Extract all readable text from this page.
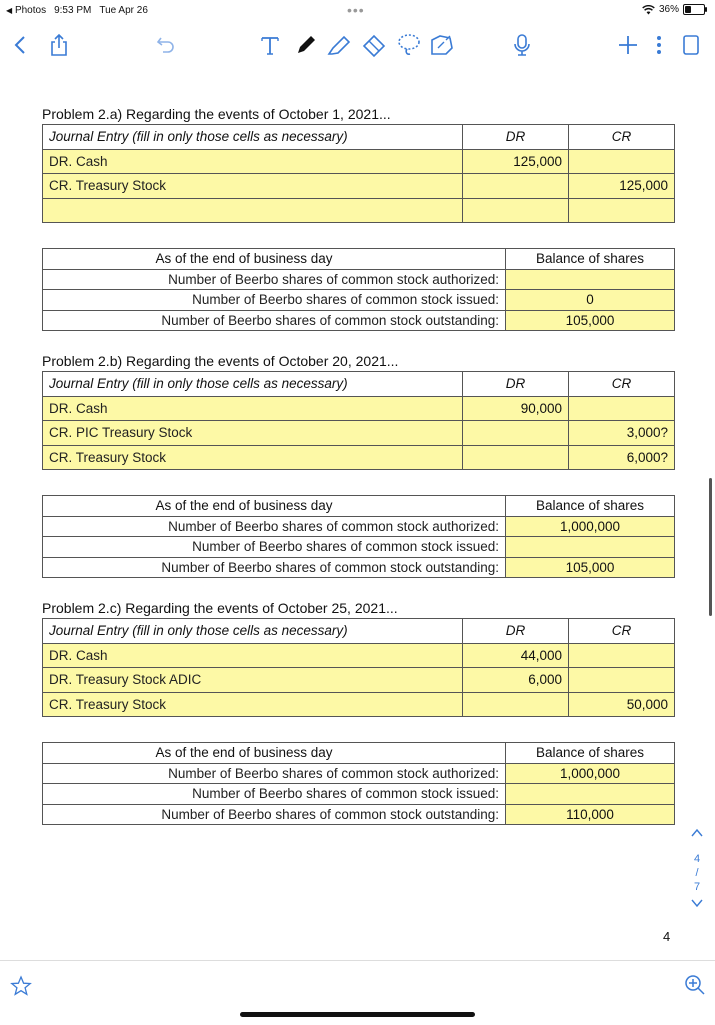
◀ Photos 9:53 PM Tue Apr 26	•••	36%
Problem 2.a) Regarding the events of October 1, 2021...
Journal Entry (fill in only those cells as necessary)	DR	CR
DR. Cash	125,000	
CR. Treasury Stock		125,000

As of the end of business day	Balance of shares
Number of Beerbo shares of common stock authorized:	
Number of Beerbo shares of common stock issued:	0
Number of Beerbo shares of common stock outstanding:	105,000
Problem 2.b) Regarding the events of October 20, 2021...
Journal Entry (fill in only those cells as necessary)	DR	CR
DR. Cash	90,000	
CR. PIC Treasury Stock		3,000?
CR. Treasury Stock		6,000?
As of the end of business day	Balance of shares
Number of Beerbo shares of common stock authorized:	1,000,000
Number of Beerbo shares of common stock issued:	
Number of Beerbo shares of common stock outstanding:	105,000
Problem 2.c) Regarding the events of October 25, 2021...
Journal Entry (fill in only those cells as necessary)	DR	CR
DR. Cash	44,000	
DR. Treasury Stock ADIC	6,000	
CR. Treasury Stock		50,000
As of the end of business day	Balance of shares
Number of Beerbo shares of common stock authorized:	1,000,000
Number of Beerbo shares of common stock issued:	
Number of Beerbo shares of common stock outstanding:	110,000
4
/
7
4
